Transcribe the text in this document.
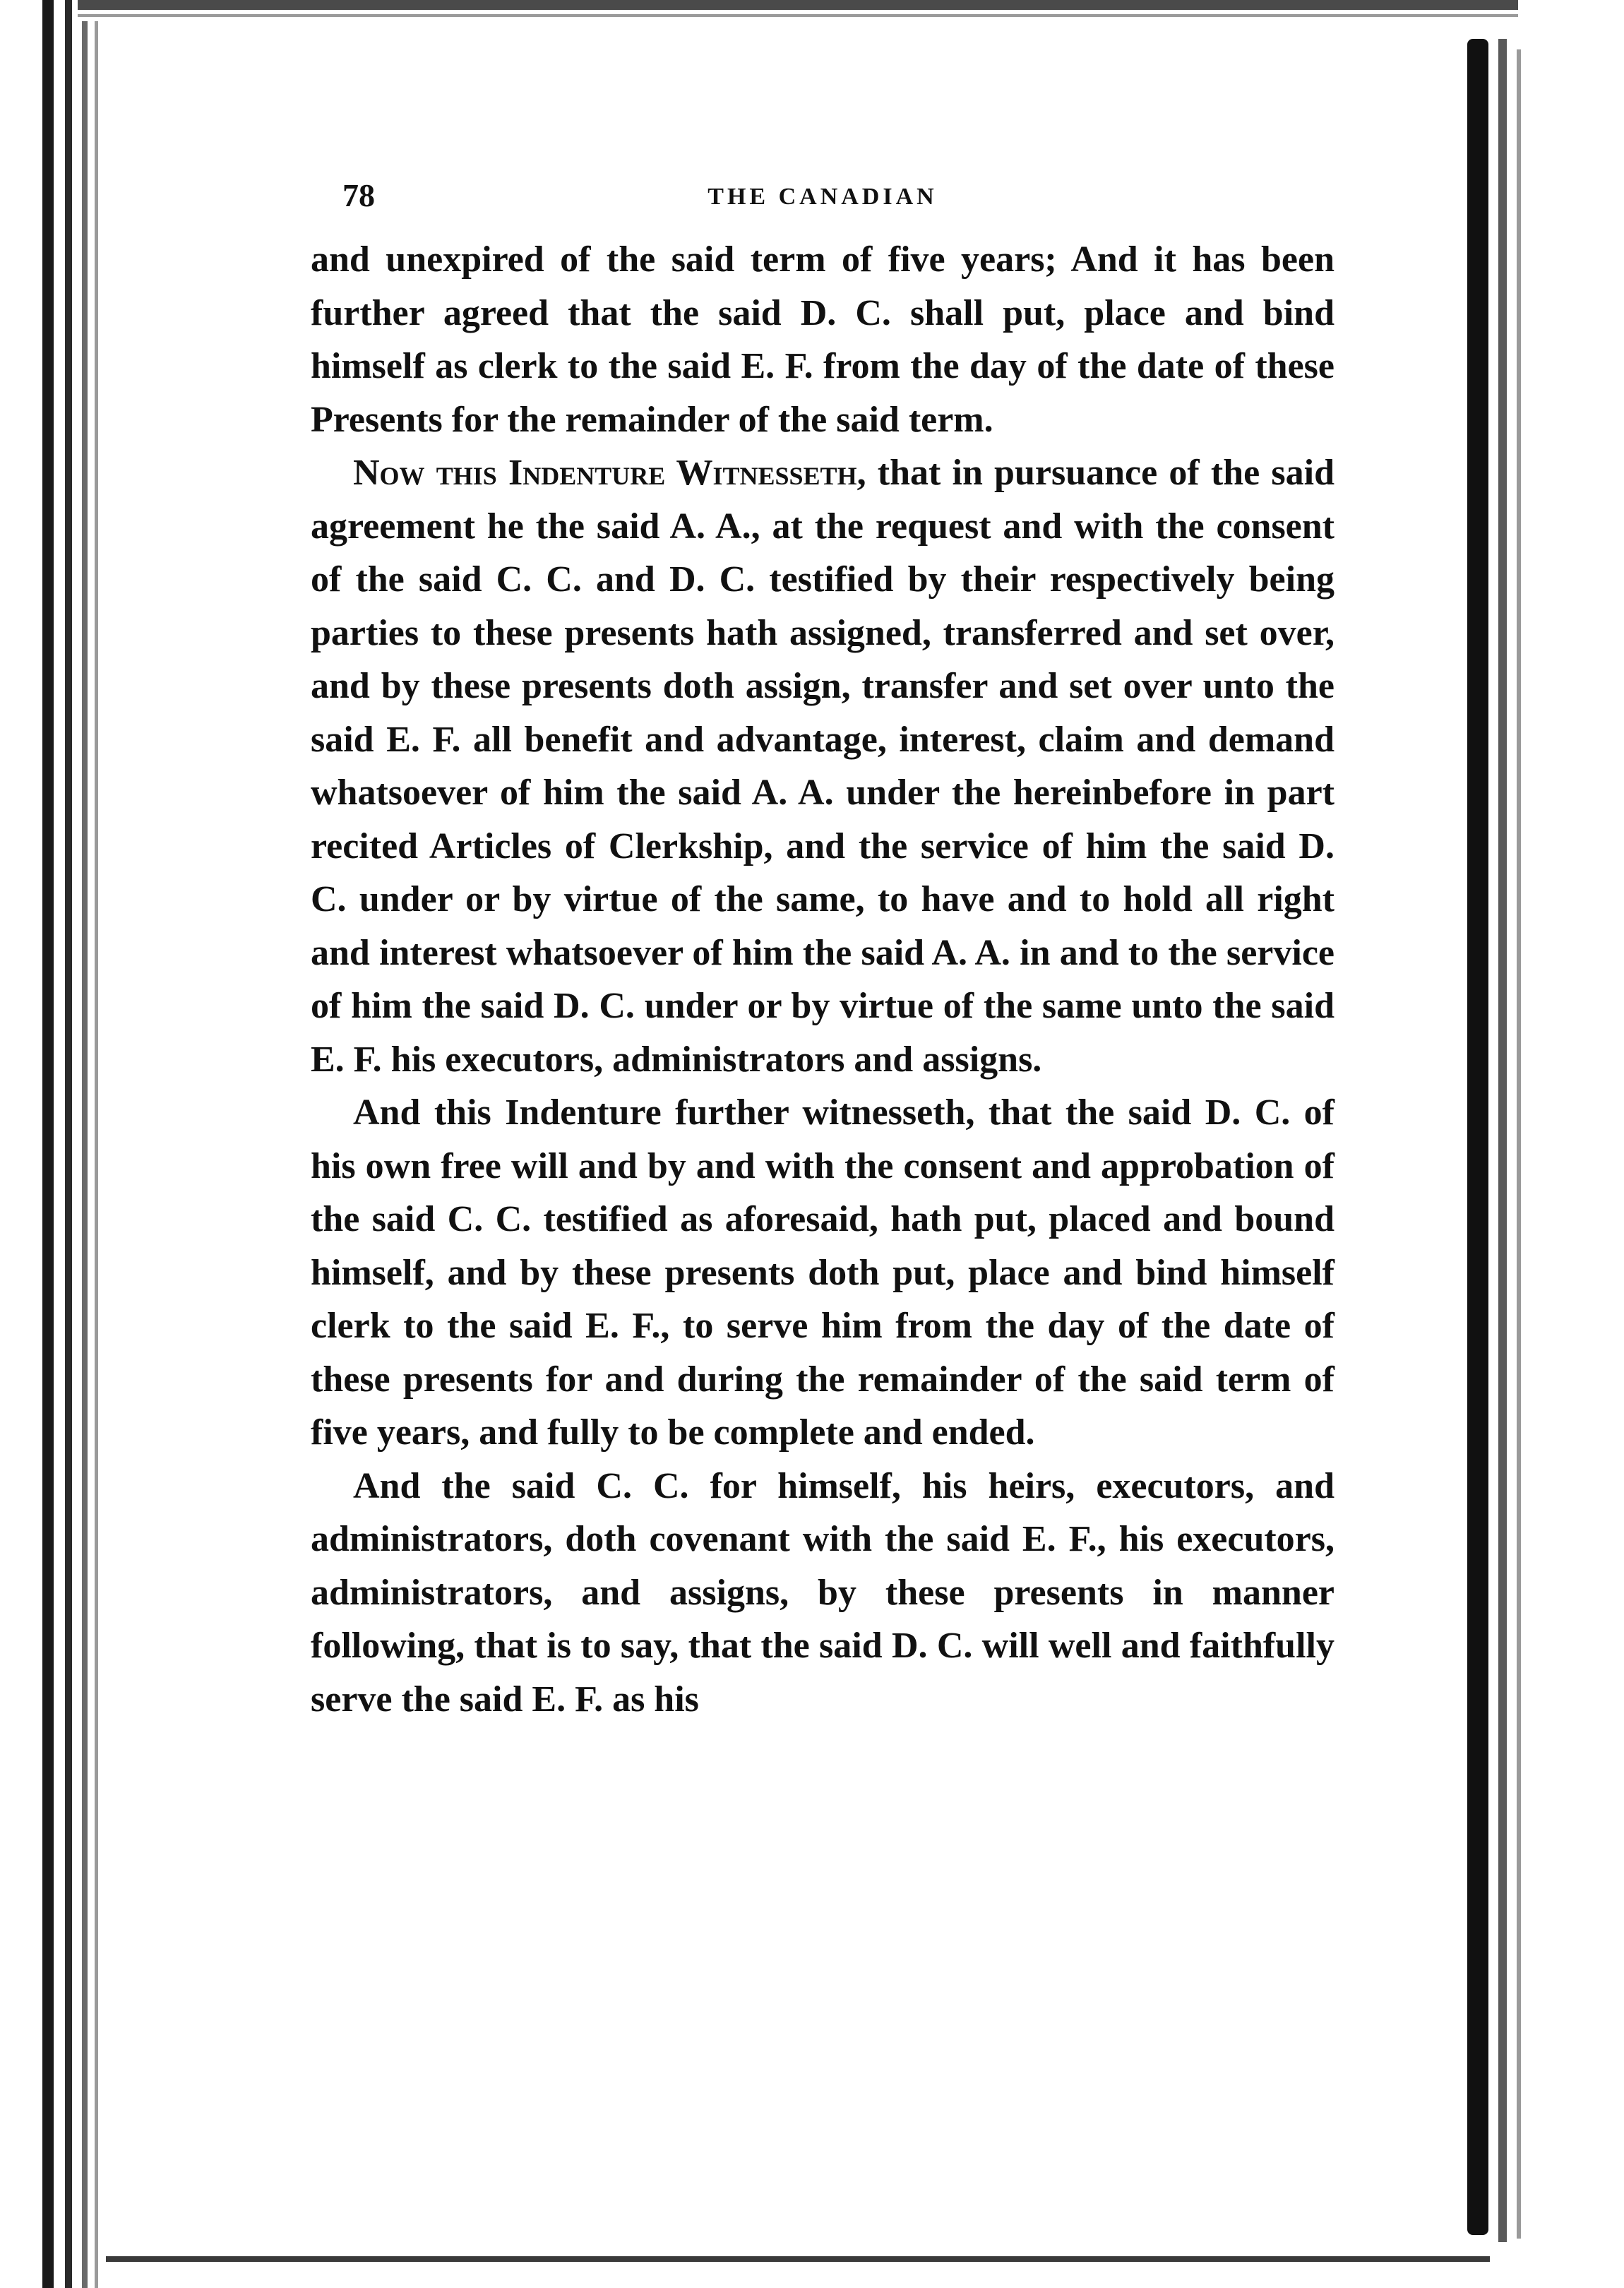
78	THE CANADIAN

and unexpired of the said term of five years; And it has been further agreed that the said D. C. shall put, place and bind himself as clerk to the said E. F. from the day of the date of these Presents for the remainder of the said term.

Now this Indenture Witnesseth, that in pursuance of the said agreement he the said A. A., at the request and with the consent of the said C. C. and D. C. testified by their respectively being parties to these presents hath assigned, transferred and set over, and by these presents doth assign, transfer and set over unto the said E. F. all benefit and advantage, interest, claim and demand whatsoever of him the said A. A. under the hereinbefore in part recited Articles of Clerkship, and the service of him the said D. C. under or by virtue of the same, to have and to hold all right and interest whatsoever of him the said A. A. in and to the service of him the said D. C. under or by virtue of the same unto the said E. F. his executors, administrators and assigns.

And this Indenture further witnesseth, that the said D. C. of his own free will and by and with the consent and approbation of the said C. C. testified as aforesaid, hath put, placed and bound himself, and by these presents doth put, place and bind himself clerk to the said E. F., to serve him from the day of the date of these presents for and during the remainder of the said term of five years, and fully to be complete and ended.

And the said C. C. for himself, his heirs, executors, and administrators, doth covenant with the said E. F., his executors, administrators, and assigns, by these presents in manner following, that is to say, that the said D. C. will well and faithfully serve the said E. F. as his
